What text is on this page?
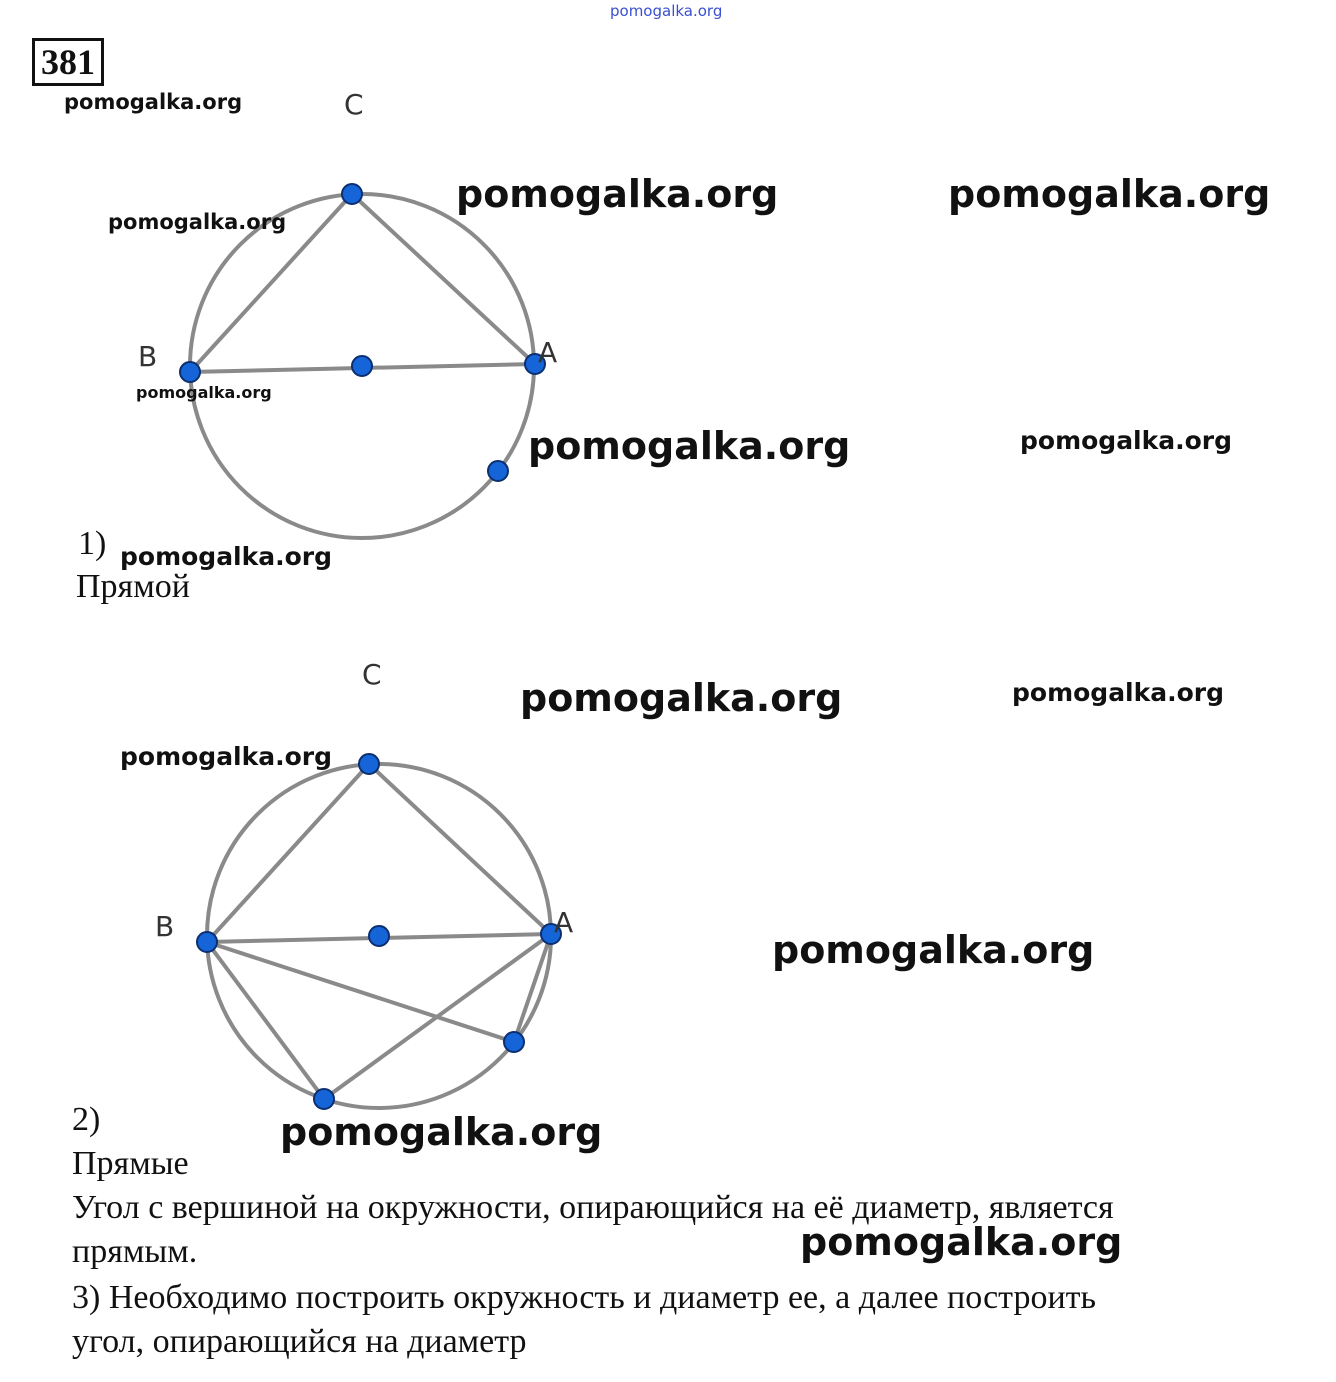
pomogalka.org
381
C
B	A
C
B	A
1)
Прямой
2)
Прямые
Угол с вершиной на окружности, опирающийся на её диаметр, является
прямым.
3) Необходимо построить окружность и диаметр ее, а далее построить
угол, опирающийся на диаметр
pomogalka.org
pomogalka.org
pomogalka.org	pomogalka.org
pomogalka.org
pomogalka.org	pomogalka.org
pomogalka.org
pomogalka.org	pomogalka.org
pomogalka.org
pomogalka.org
pomogalka.org
pomogalka.org
